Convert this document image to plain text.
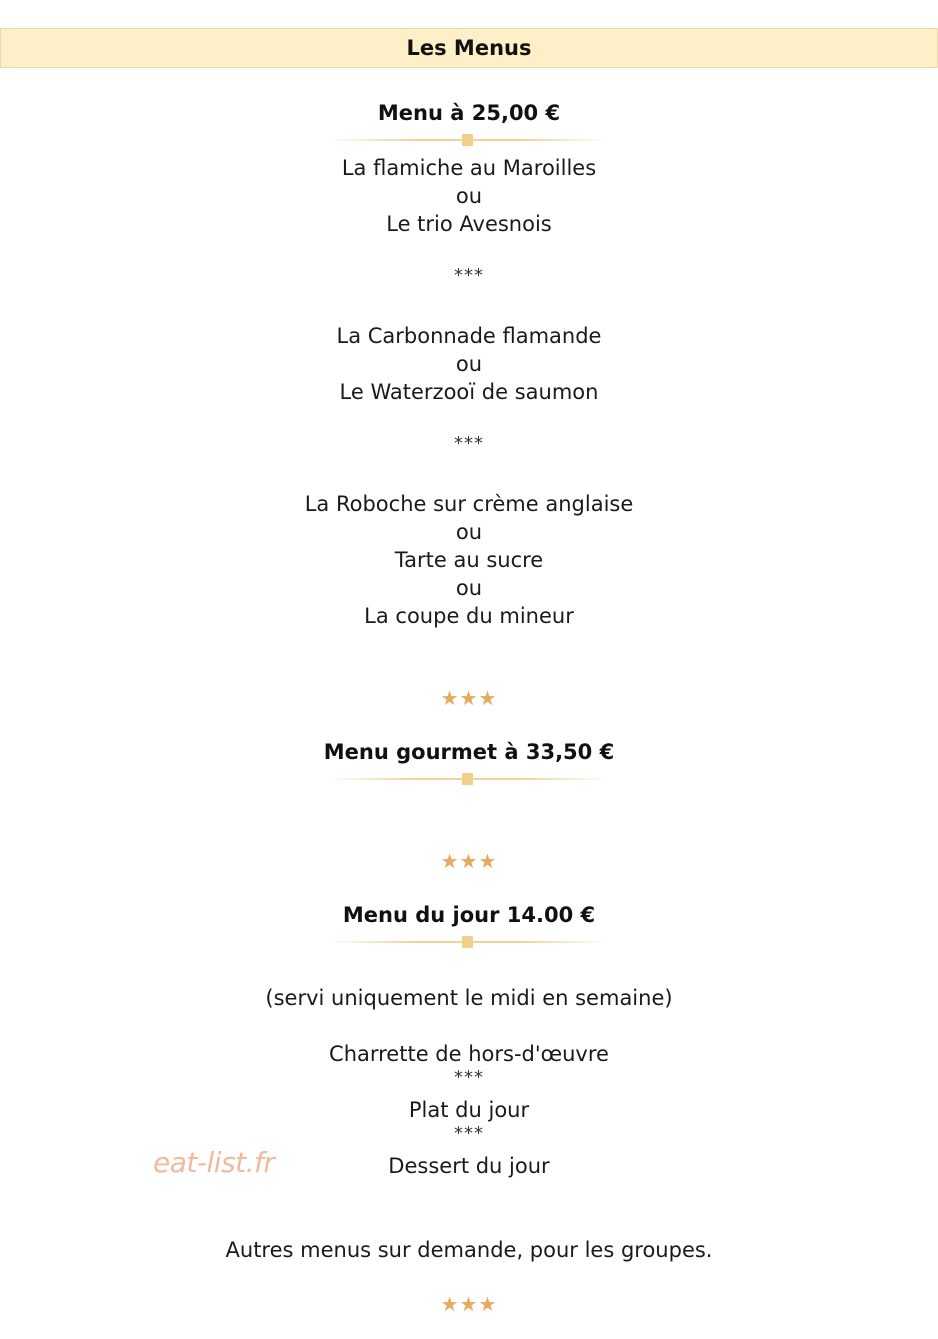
Les Menus
Menu à 25,00 €
La flamiche au Maroilles
ou
Le trio Avesnois
***
La Carbonnade flamande
ou
Le Waterzooï de saumon
***
La Roboche sur crème anglaise
ou
Tarte au sucre
ou
La coupe du mineur
★★★
Menu gourmet à 33,50 €
★★★
Menu du jour 14.00 €
(servi uniquement le midi en semaine)
Charrette de hors-d'œuvre
***
Plat du jour
***
Dessert du jour
eat-list.fr
Autres menus sur demande, pour les groupes.
★★★
